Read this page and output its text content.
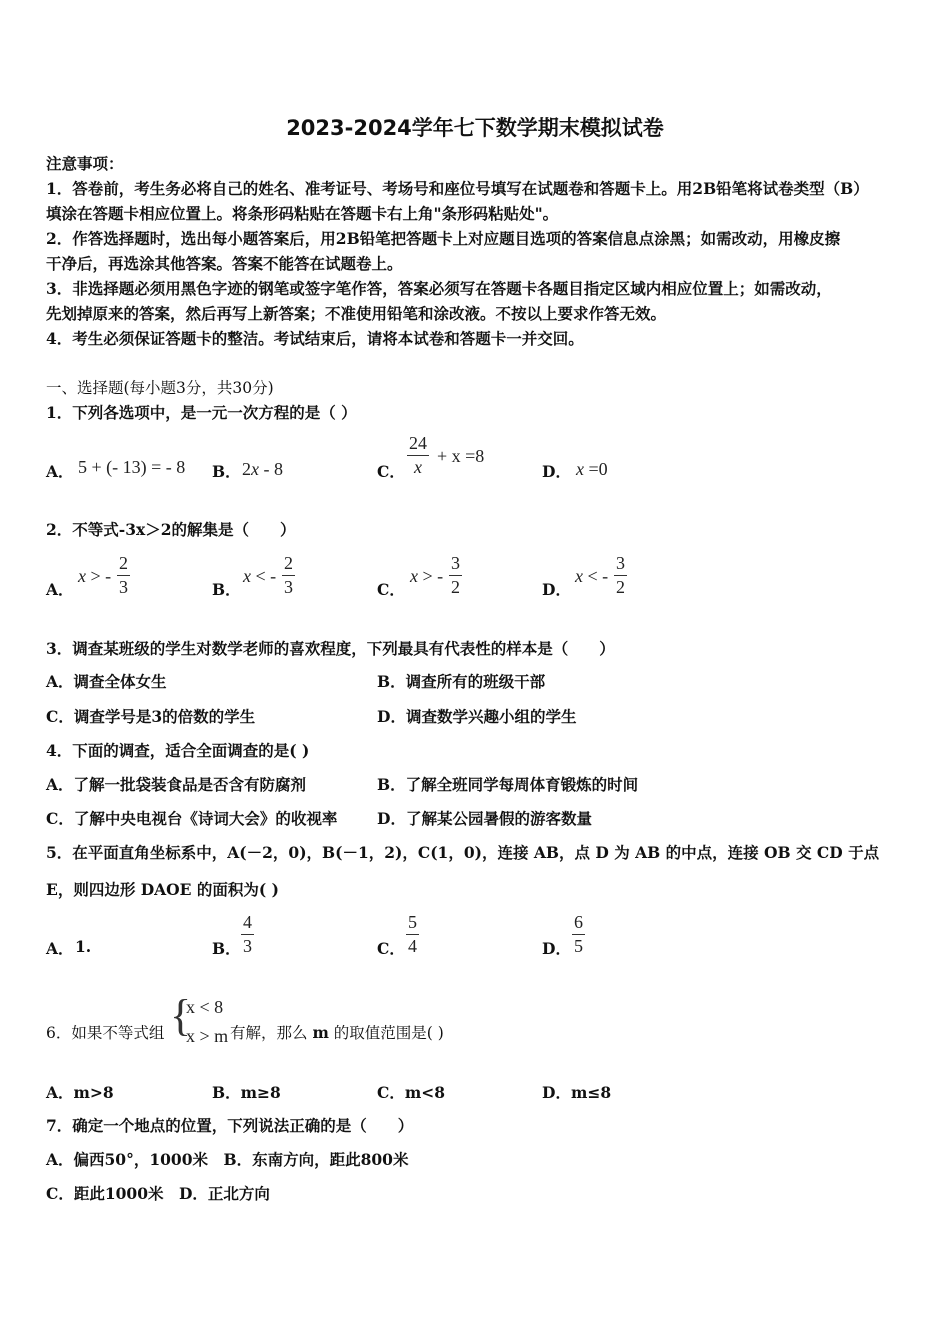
2023-2024学年七下数学期末模拟试卷
注意事项：
1．答卷前，考生务必将自己的姓名、准考证号、考场号和座位号填写在试题卷和答题卡上。用2B铅笔将试卷类型（B）
填涂在答题卡相应位置上。将条形码粘贴在答题卡右上角"条形码粘贴处"。
2．作答选择题时，选出每小题答案后，用2B铅笔把答题卡上对应题目选项的答案信息点涂黑；如需改动，用橡皮擦
干净后，再选涂其他答案。答案不能答在试题卷上。
3．非选择题必须用黑色字迹的钢笔或签字笔作答，答案必须写在答题卡各题目指定区域内相应位置上；如需改动，
先划掉原来的答案，然后再写上新答案；不准使用铅笔和涂改液。不按以上要求作答无效。
4．考生必须保证答题卡的整洁。考试结束后，请将本试卷和答题卡一并交回。
一、选择题(每小题3分，共30分)
1．下列各选项中，是一元一次方程的是（ ）
A． 5 + (- 13) = - 8 B． 2x - 8	C． $\frac{24}{x} + x =8$
D． x =0
2．不等式-3x＞2的解集是（　　）
A．
x > - $\frac{2}{3}$	B．
x < - $\frac{2}{3}$	C．
x > - $\frac{3}{2}$	D．
x < - $\frac{3}{2}$
3．调查某班级的学生对数学老师的喜欢程度，下列最具有代表性的样本是（　　）
A．调查全体女生	B．调查所有的班级干部
C．调查学号是3的倍数的学生	D．调查数学兴趣小组的学生
4．下面的调查，适合全面调查的是( )
A．了解一批袋装食品是否含有防腐剂	B．了解全班同学每周体育锻炼的时间
C．了解中央电视台《诗词大会》的收视率	D．了解某公园暑假的游客数量
5．在平面直角坐标系中，A(－2，0)，B(－1，2)，C(1，0)，连接 AB，点 D 为 AB 的中点，连接 OB 交 CD 于点
E，则四边形 DAOE 的面积为( )
A． 1.	B． $\frac{4}{3}$	C． $\frac{5}{4}$	D． $\frac{6}{5}$
6．如果不等式组 {
x < 8
x > m 有解，那么 m 的取值范围是( )
A．m>8	B．m≥8	C．m<8	D．m≤8
7．确定一个地点的位置，下列说法正确的是（　　）
A．偏西50°，1000米　B．东南方向，距此800米
C．距此1000米　D．正北方向
